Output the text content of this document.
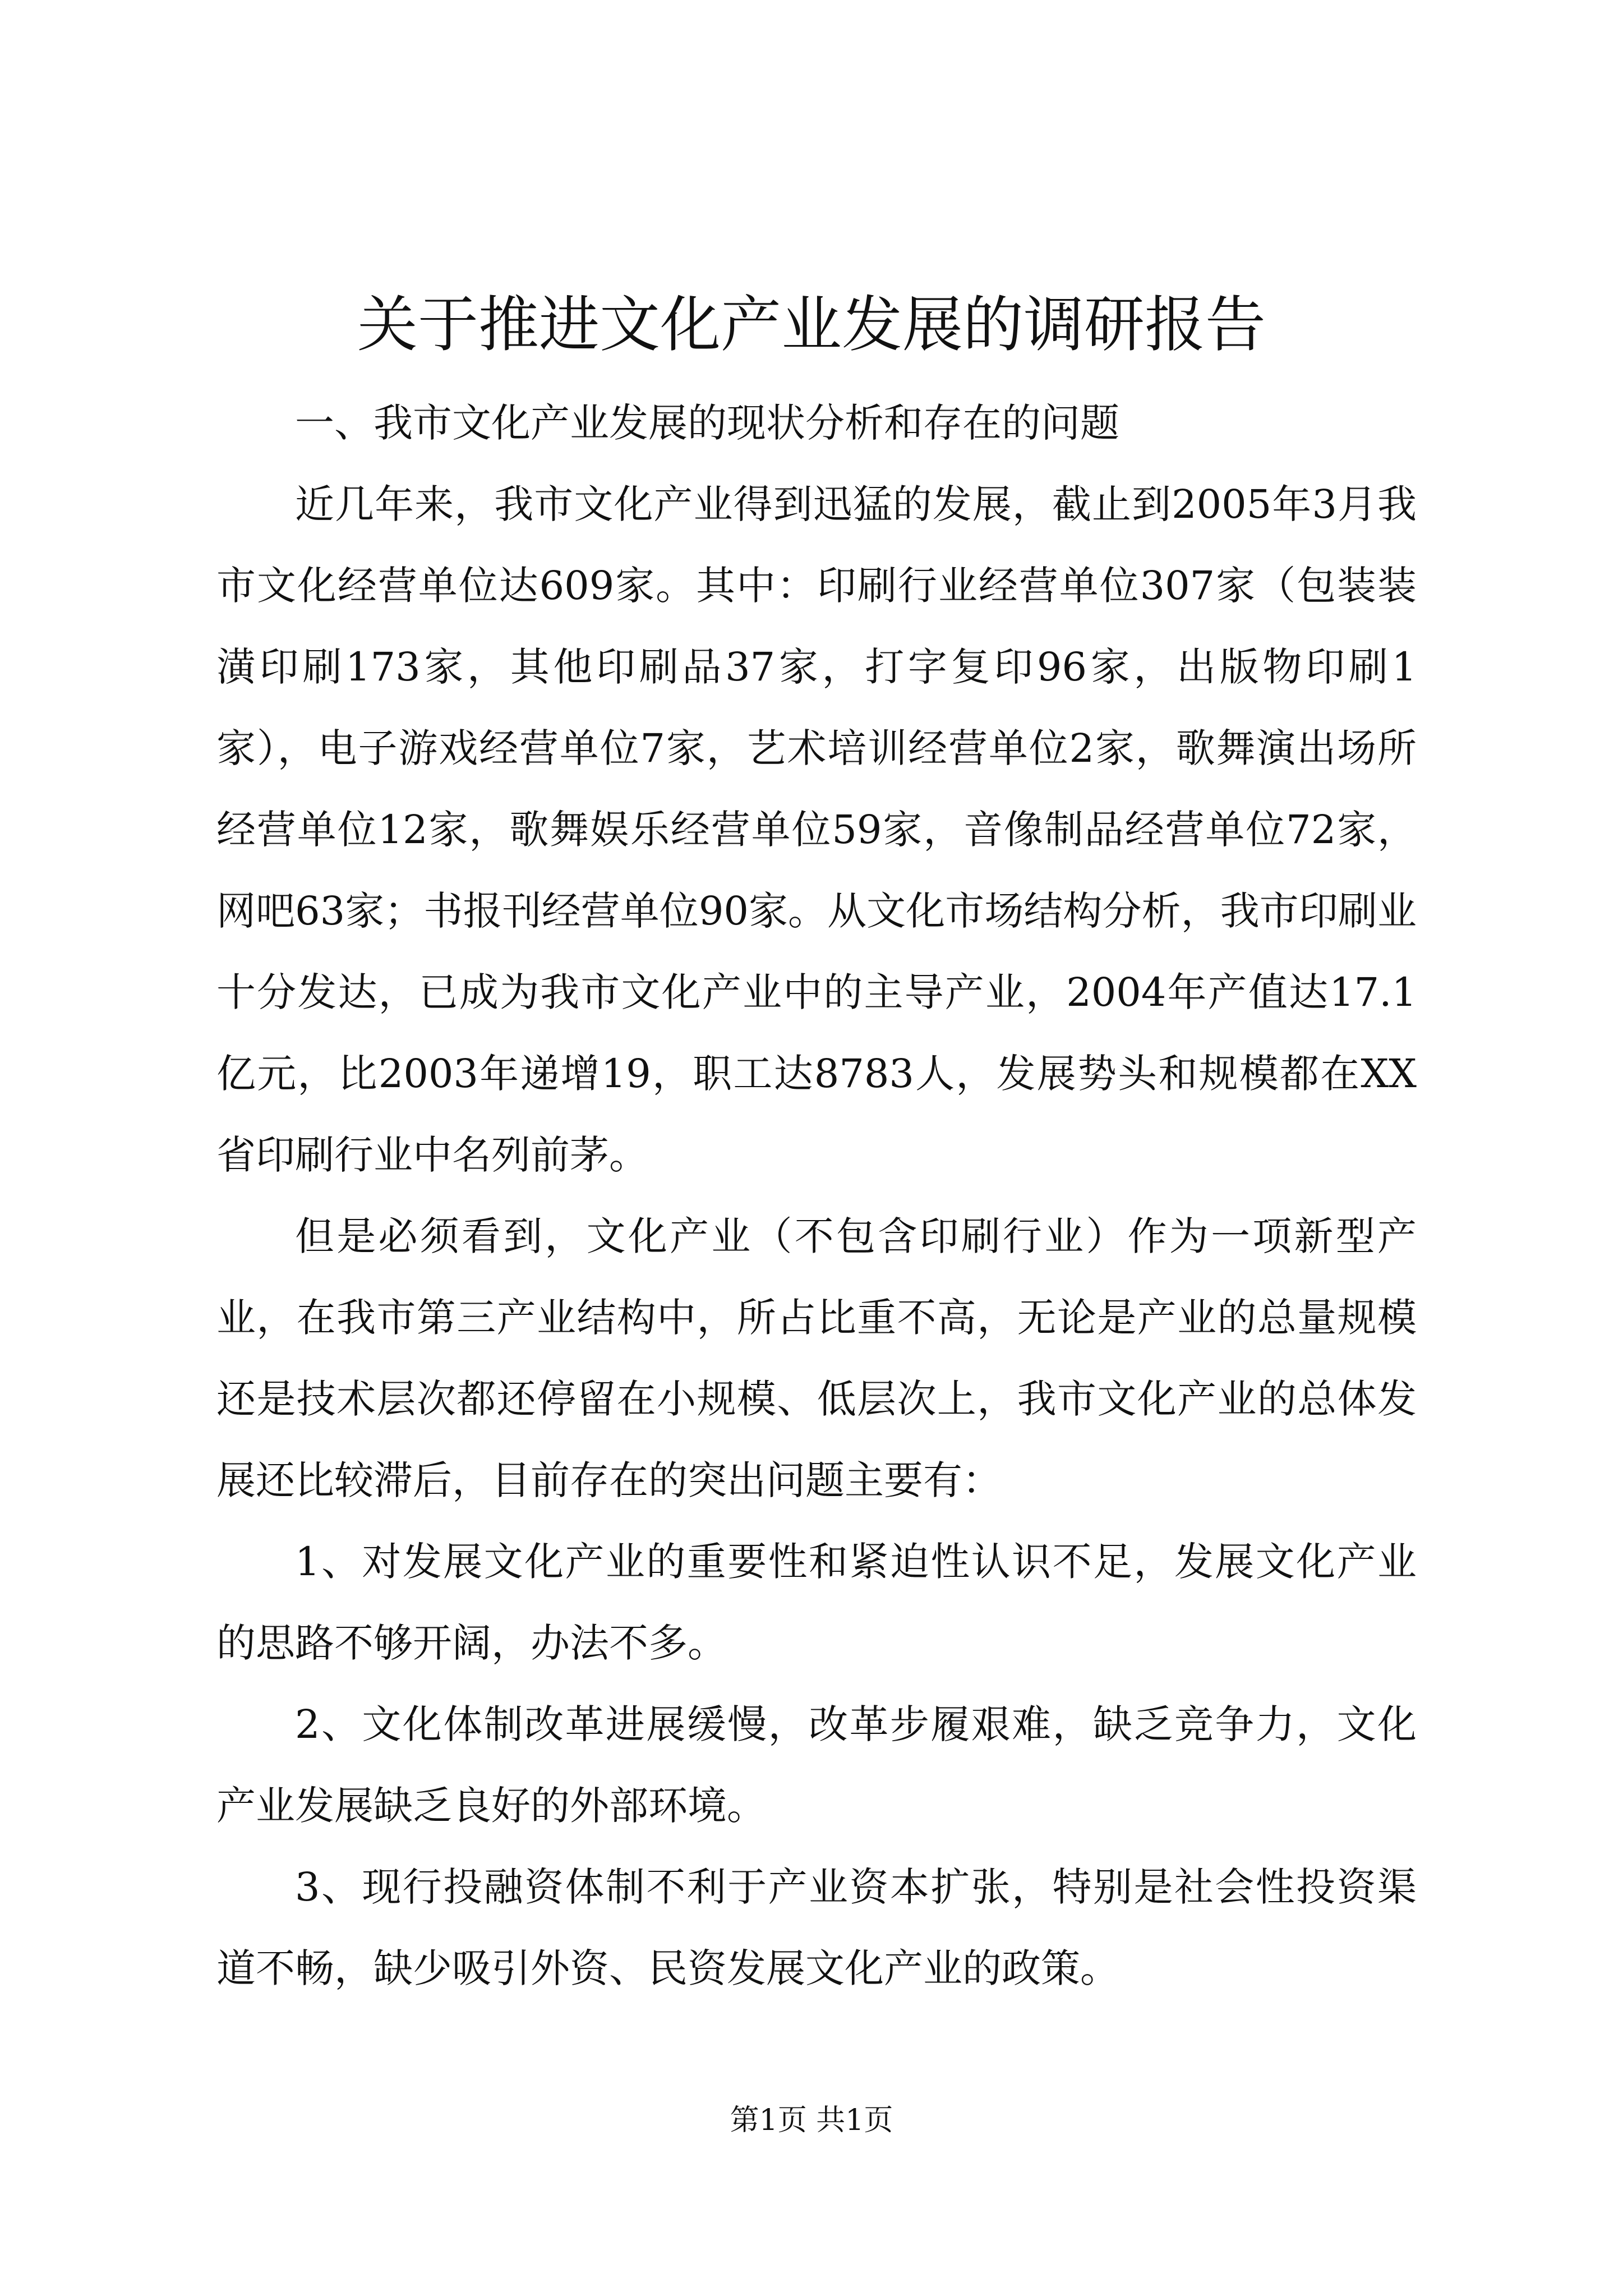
关于推进文化产业发展的调研报告

一、我市文化产业发展的现状分析和存在的问题

近几年来，我市文化产业得到迅猛的发展，截止到2005年3月我市文化经营单位达609家。其中：印刷行业经营单位307家（包装装潢印刷173家，其他印刷品37家，打字复印96家，出版物印刷1家），电子游戏经营单位7家，艺术培训经营单位2家，歌舞演出场所经营单位12家，歌舞娱乐经营单位59家，音像制品经营单位72家，网吧63家；书报刊经营单位90家。从文化市场结构分析，我市印刷业十分发达，已成为我市文化产业中的主导产业，2004年产值达17.1亿元，比2003年递增19，职工达8783人，发展势头和规模都在XX省印刷行业中名列前茅。

但是必须看到，文化产业（不包含印刷行业）作为一项新型产业，在我市第三产业结构中，所占比重不高，无论是产业的总量规模还是技术层次都还停留在小规模、低层次上，我市文化产业的总体发展还比较滞后，目前存在的突出问题主要有：

1、对发展文化产业的重要性和紧迫性认识不足，发展文化产业的思路不够开阔，办法不多。

2、文化体制改革进展缓慢，改革步履艰难，缺乏竞争力，文化产业发展缺乏良好的外部环境。

3、现行投融资体制不利于产业资本扩张，特别是社会性投资渠道不畅，缺少吸引外资、民资发展文化产业的政策。

第1页 共1页
